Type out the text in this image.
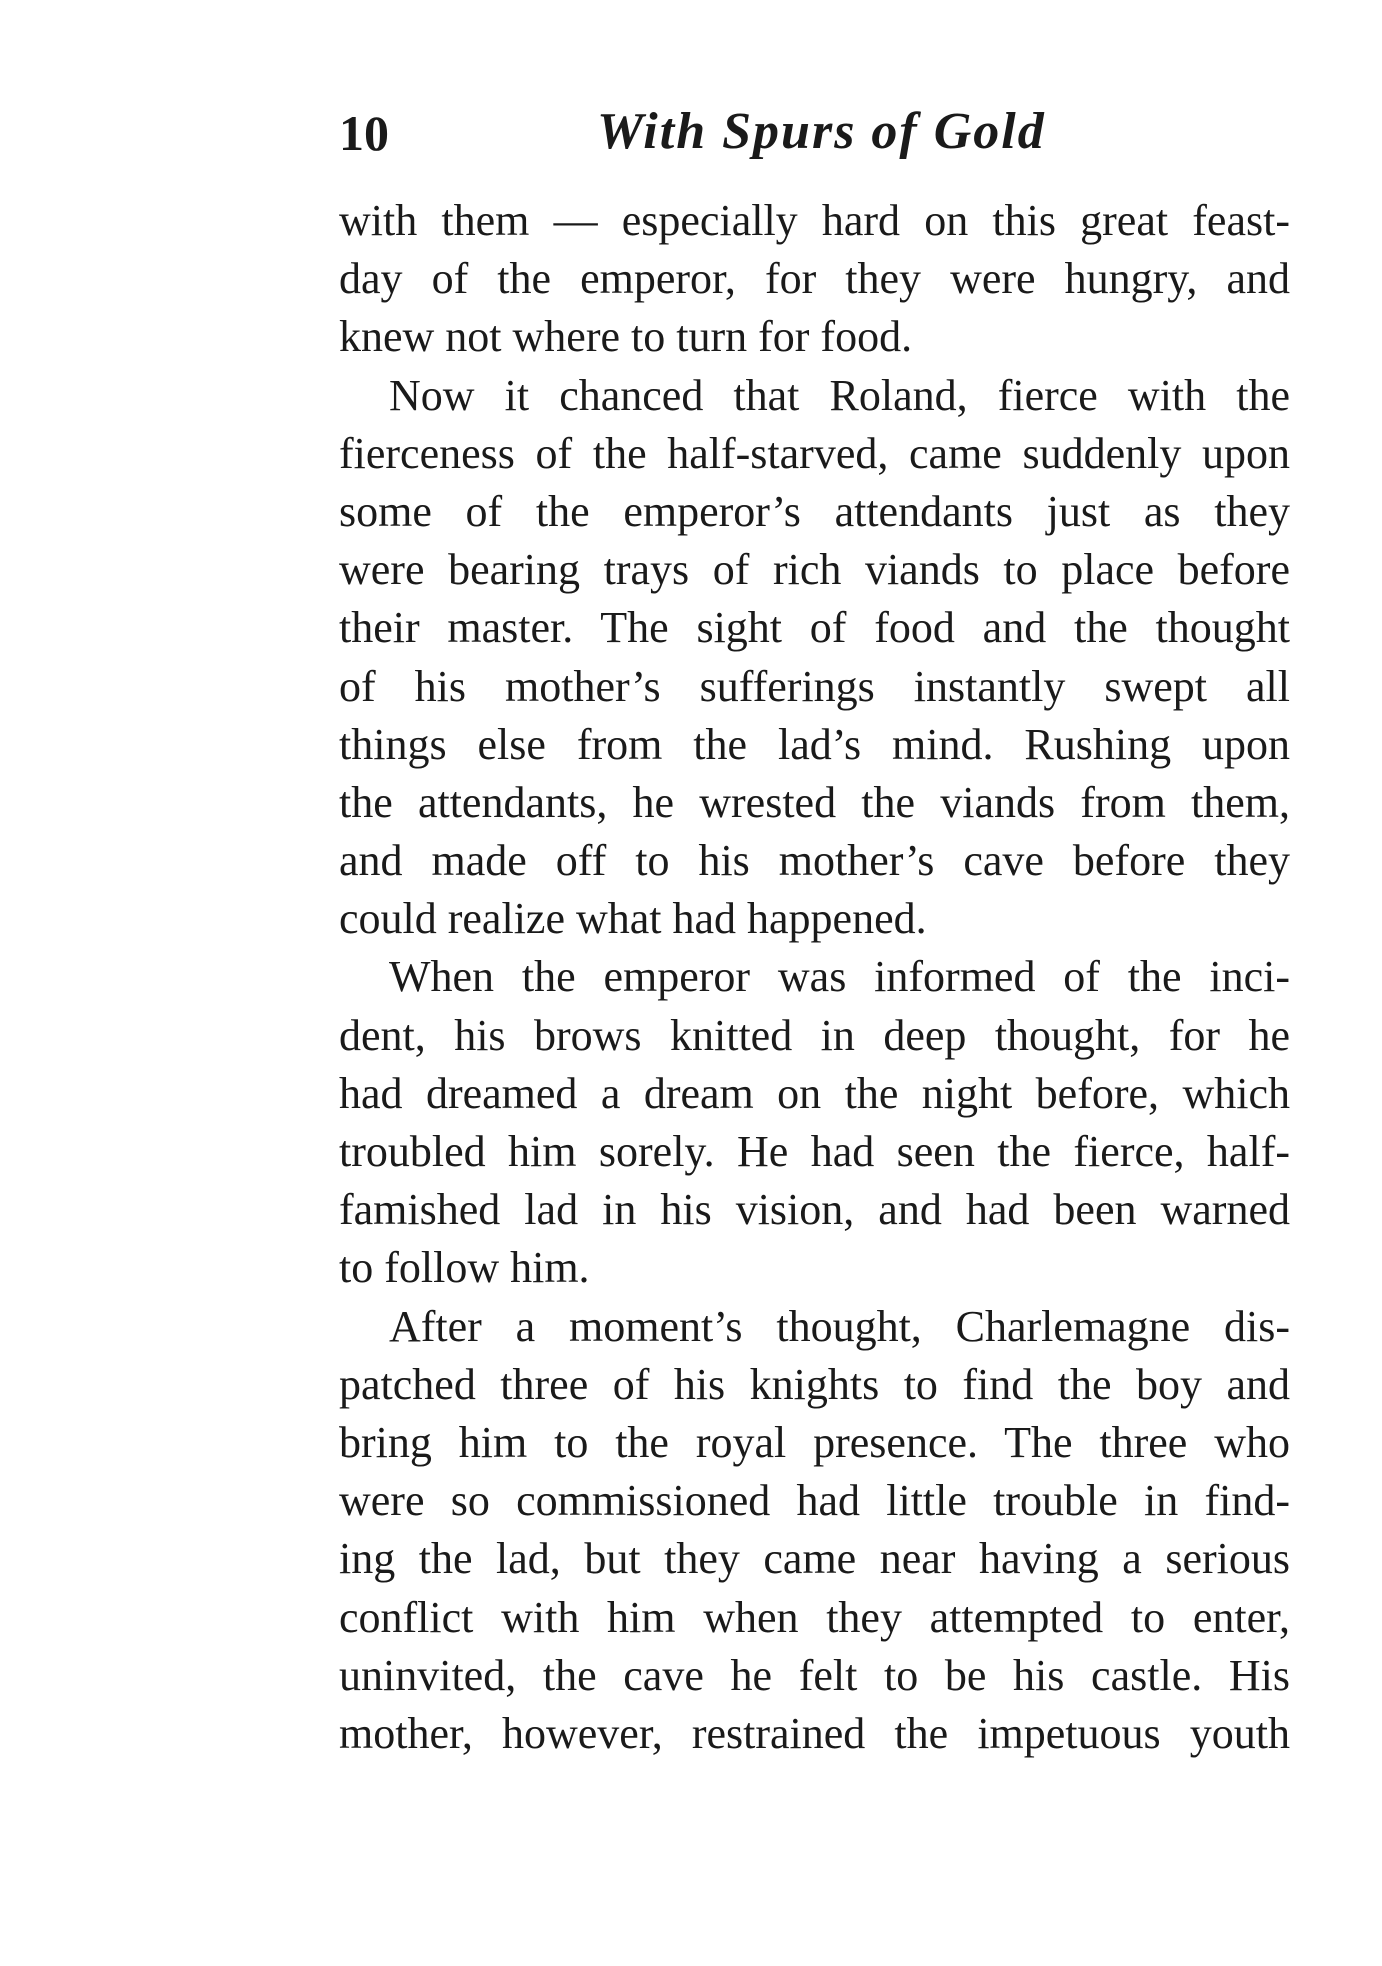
10	With Spurs of Gold
with them — especially hard on this great feast-
day of the emperor, for they were hungry, and
knew not where to turn for food.
Now it chanced that Roland, fierce with the
fierceness of the half-starved, came suddenly upon
some of the emperor’s attendants just as they
were bearing trays of rich viands to place before
their master. The sight of food and the thought
of his mother’s sufferings instantly swept all
things else from the lad’s mind. Rushing upon
the attendants, he wrested the viands from them,
and made off to his mother’s cave before they
could realize what had happened.
When the emperor was informed of the inci-
dent, his brows knitted in deep thought, for he
had dreamed a dream on the night before, which
troubled him sorely. He had seen the fierce, half-
famished lad in his vision, and had been warned
to follow him.
After a moment’s thought, Charlemagne dis-
patched three of his knights to find the boy and
bring him to the royal presence. The three who
were so commissioned had little trouble in find-
ing the lad, but they came near having a serious
conflict with him when they attempted to enter,
uninvited, the cave he felt to be his castle. His
mother, however, restrained the impetuous youth
